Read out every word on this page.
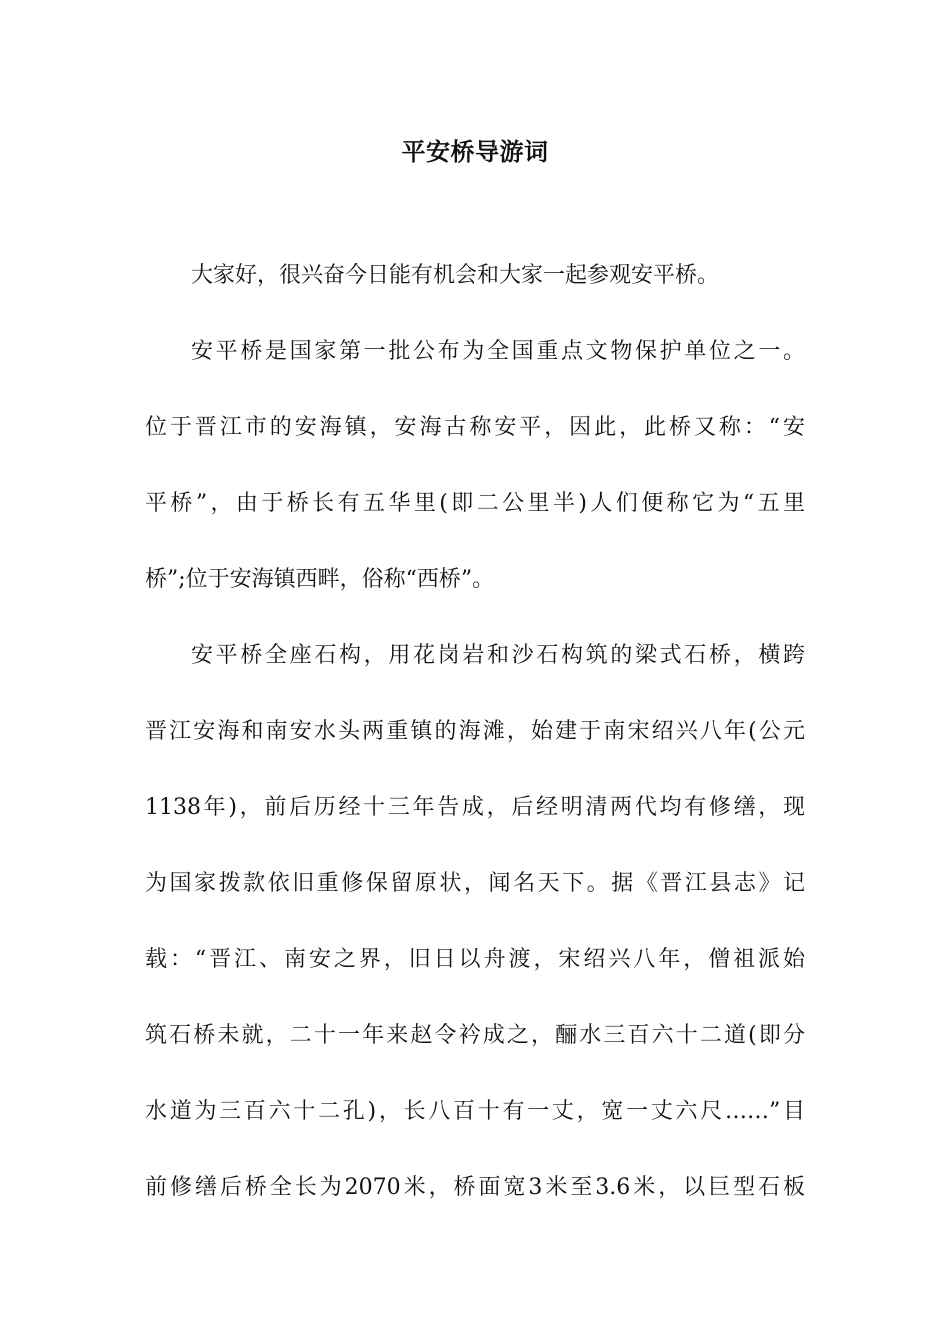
平安桥导游词
大家好，很兴奋今日能有机会和大家一起参观安平桥。
安平桥是国家第一批公布为全国重点文物保护单位之一。
位于晋江市的安海镇，安海古称安平，因此，此桥又称：“安
平桥”，由于桥长有五华里(即二公里半)人们便称它为“五里
桥”;位于安海镇西畔，俗称“西桥”。
安平桥全座石构，用花岗岩和沙石构筑的梁式石桥，横跨
晋江安海和南安水头两重镇的海滩，始建于南宋绍兴八年(公元
1138年)，前后历经十三年告成，后经明清两代均有修缮，现
为国家拨款依旧重修保留原状，闻名天下。据《晋江县志》记
载：“晋江、南安之界，旧日以舟渡，宋绍兴八年，僧祖派始
筑石桥未就，二十一年来赵令衿成之，酾水三百六十二道(即分
水道为三百六十二孔)，长八百十有一丈，宽一丈六尺……”目
前修缮后桥全长为2070米，桥面宽3米至3.6米，以巨型石板
